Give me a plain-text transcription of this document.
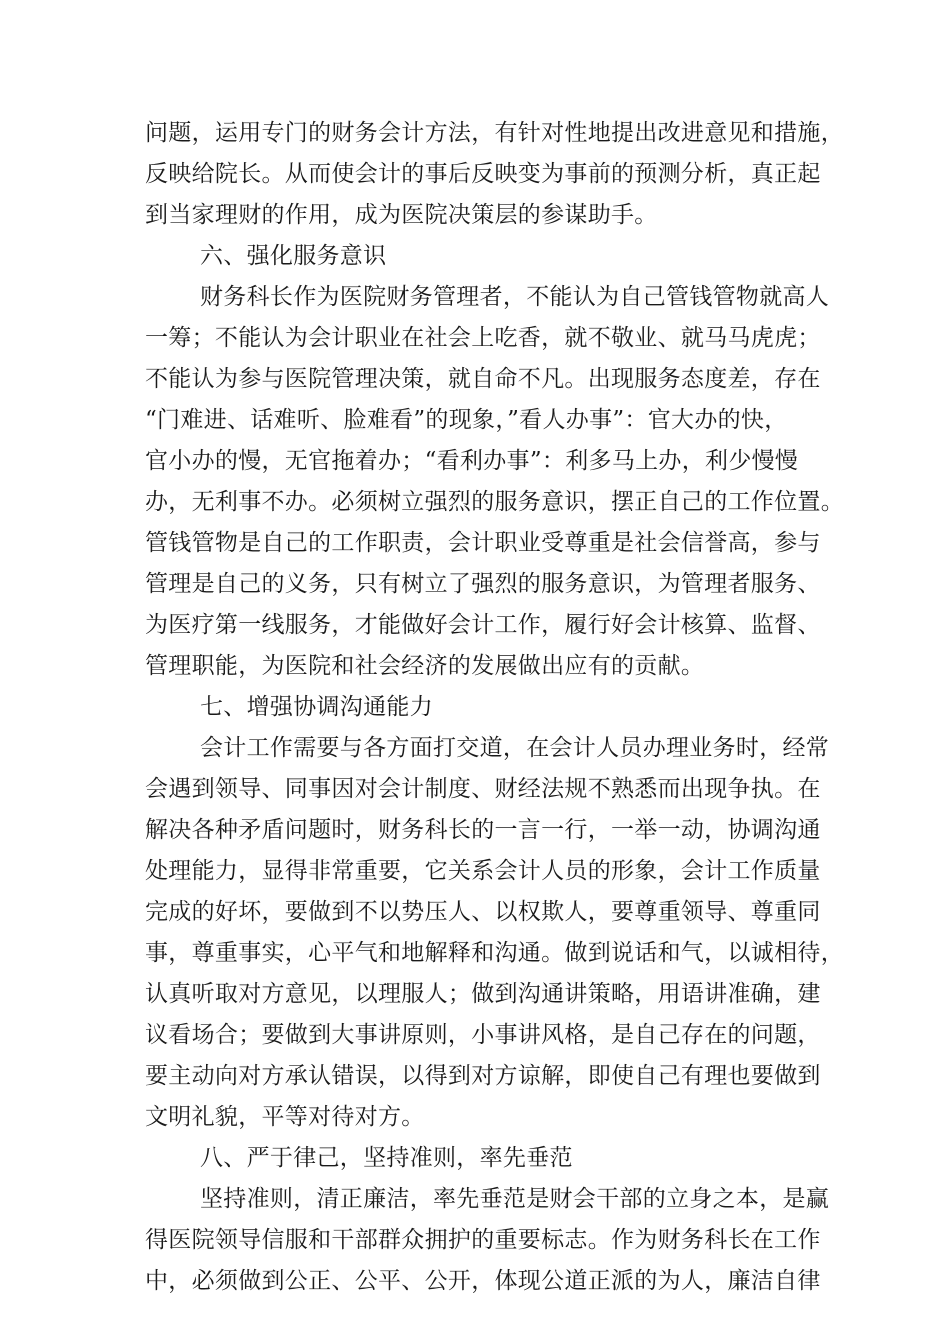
问题，运用专门的财务会计方法，有针对性地提出改进意见和措施，
反映给院长。从而使会计的事后反映变为事前的预测分析，真正起
到当家理财的作用，成为医院决策层的参谋助手。
六、强化服务意识
财务科长作为医院财务管理者，不能认为自己管钱管物就高人
一筹；不能认为会计职业在社会上吃香，就不敬业、就马马虎虎；
不能认为参与医院管理决策，就自命不凡。出现服务态度差，存在
“门难进、话难听、脸难看”的现象，”看人办事”：官大办的快，
官小办的慢，无官拖着办；“看利办事”：利多马上办，利少慢慢
办，无利事不办。必须树立强烈的服务意识，摆正自己的工作位置。
管钱管物是自己的工作职责，会计职业受尊重是社会信誉高，参与
管理是自己的义务，只有树立了强烈的服务意识，为管理者服务、
为医疗第一线服务，才能做好会计工作，履行好会计核算、监督、
管理职能，为医院和社会经济的发展做出应有的贡献。
七、增强协调沟通能力
会计工作需要与各方面打交道，在会计人员办理业务时，经常
会遇到领导、同事因对会计制度、财经法规不熟悉而出现争执。在
解决各种矛盾问题时，财务科长的一言一行，一举一动，协调沟通
处理能力，显得非常重要，它关系会计人员的形象，会计工作质量
完成的好坏，要做到不以势压人、以权欺人，要尊重领导、尊重同
事，尊重事实，心平气和地解释和沟通。做到说话和气，以诚相待，
认真听取对方意见，以理服人；做到沟通讲策略，用语讲准确，建
议看场合；要做到大事讲原则，小事讲风格，是自己存在的问题，
要主动向对方承认错误，以得到对方谅解，即使自己有理也要做到
文明礼貌，平等对待对方。
八、严于律己，坚持准则，率先垂范
坚持准则，清正廉洁，率先垂范是财会干部的立身之本，是赢
得医院领导信服和干部群众拥护的重要标志。作为财务科长在工作
中，必须做到公正、公平、公开，体现公道正派的为人，廉洁自律
